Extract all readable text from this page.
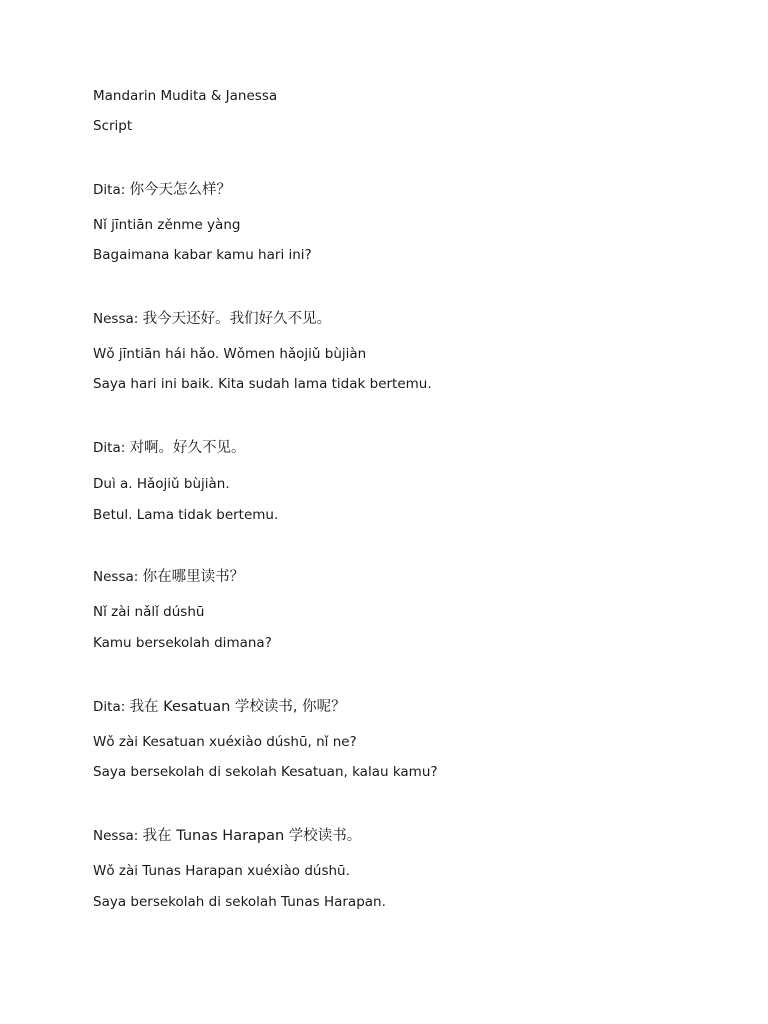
Mandarin Mudita & Janessa
Script
Dita: 你今天怎么样？
Nǐ jīntiān zěnme yàng
Bagaimana kabar kamu hari ini?
Nessa: 我今天还好。我们好久不见。
Wǒ jīntiān hái hǎo. Wǒmen hǎojiǔ bùjiàn
Saya hari ini baik. Kita sudah lama tidak bertemu.
Dita: 对啊。好久不见。
Duì a. Hǎojiǔ bùjiàn.
Betul. Lama tidak bertemu.
Nessa: 你在哪里读书？
Nǐ zài nǎlǐ dúshū
Kamu bersekolah dimana?
Dita: 我在 Kesatuan 学校读书, 你呢？
Wǒ zài Kesatuan xuéxiào dúshū, nǐ ne?
Saya bersekolah di sekolah Kesatuan, kalau kamu?
Nessa: 我在 Tunas Harapan 学校读书。
Wǒ zài Tunas Harapan xuéxiào dúshū.
Saya bersekolah di sekolah Tunas Harapan.
